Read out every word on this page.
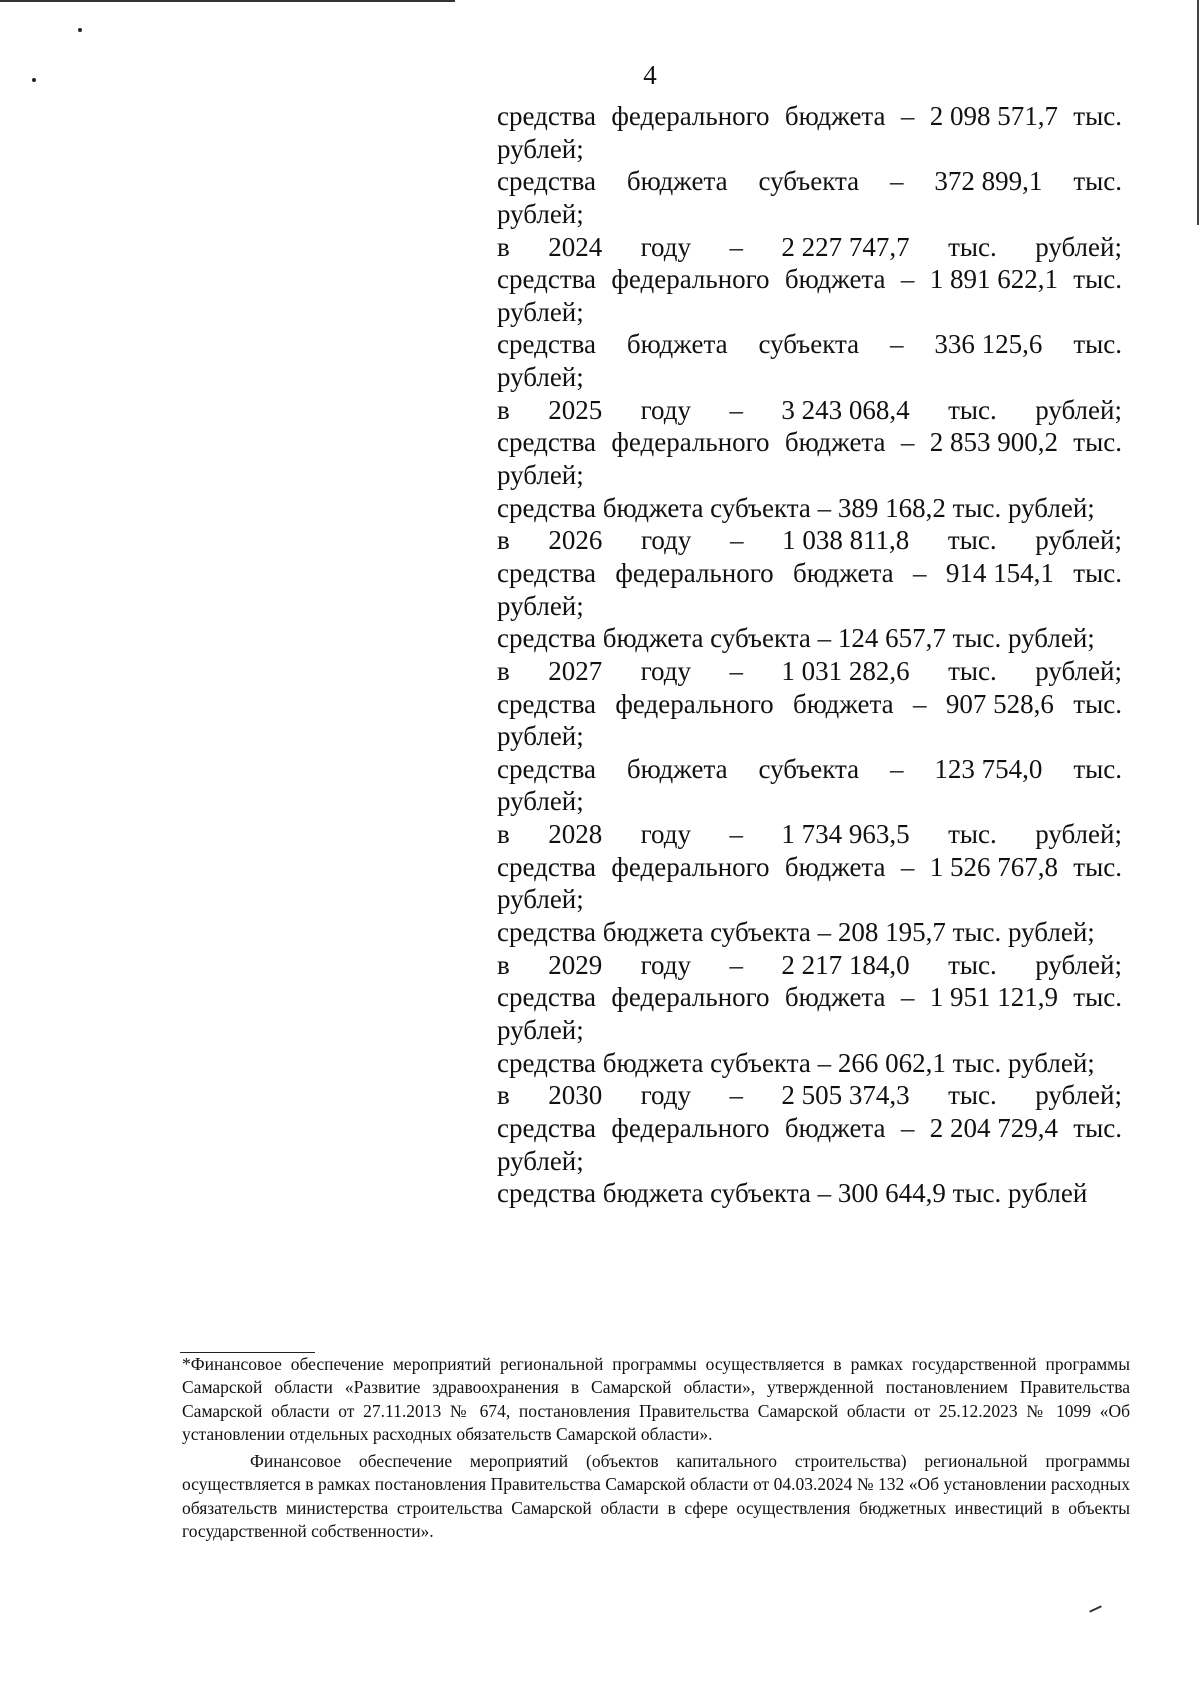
4
средства федерального бюджета – 2 098 571,7 тыс.
рублей;
средства бюджета субъекта – 372 899,1 тыс.
рублей;
в 2024 году – 2 227 747,7 тыс. рублей;
средства федерального бюджета – 1 891 622,1 тыс.
рублей;
средства бюджета субъекта – 336 125,6 тыс.
рублей;
в 2025 году – 3 243 068,4 тыс. рублей;
средства федерального бюджета – 2 853 900,2 тыс.
рублей;
средства бюджета субъекта – 389 168,2 тыс. рублей;
в 2026 году – 1 038 811,8 тыс. рублей;
средства федерального бюджета – 914 154,1 тыс.
рублей;
средства бюджета субъекта – 124 657,7 тыс. рублей;
в 2027 году – 1 031 282,6 тыс. рублей;
средства федерального бюджета – 907 528,6 тыс.
рублей;
средства бюджета субъекта – 123 754,0 тыс.
рублей;
в 2028 году – 1 734 963,5 тыс. рублей;
средства федерального бюджета – 1 526 767,8 тыс.
рублей;
средства бюджета субъекта – 208 195,7 тыс. рублей;
в 2029 году – 2 217 184,0 тыс. рублей;
средства федерального бюджета – 1 951 121,9 тыс.
рублей;
средства бюджета субъекта – 266 062,1 тыс. рублей;
в 2030 году – 2 505 374,3 тыс. рублей;
средства федерального бюджета – 2 204 729,4 тыс.
рублей;
средства бюджета субъекта – 300 644,9 тыс. рублей

*Финансовое обеспечение мероприятий региональной программы осуществляется в рамках государственной программы Самарской области «Развитие здравоохранения в Самарской области», утвержденной постановлением Правительства Самарской области от 27.11.2013 № 674, постановления Правительства Самарской области от 25.12.2023 № 1099 «Об установлении отдельных расходных обязательств Самарской области».

Финансовое обеспечение мероприятий (объектов капитального строительства) региональной программы осуществляется в рамках постановления Правительства Самарской области от 04.03.2024 № 132 «Об установлении расходных обязательств министерства строительства Самарской области в сфере осуществления бюджетных инвестиций в объекты государственной собственности».
